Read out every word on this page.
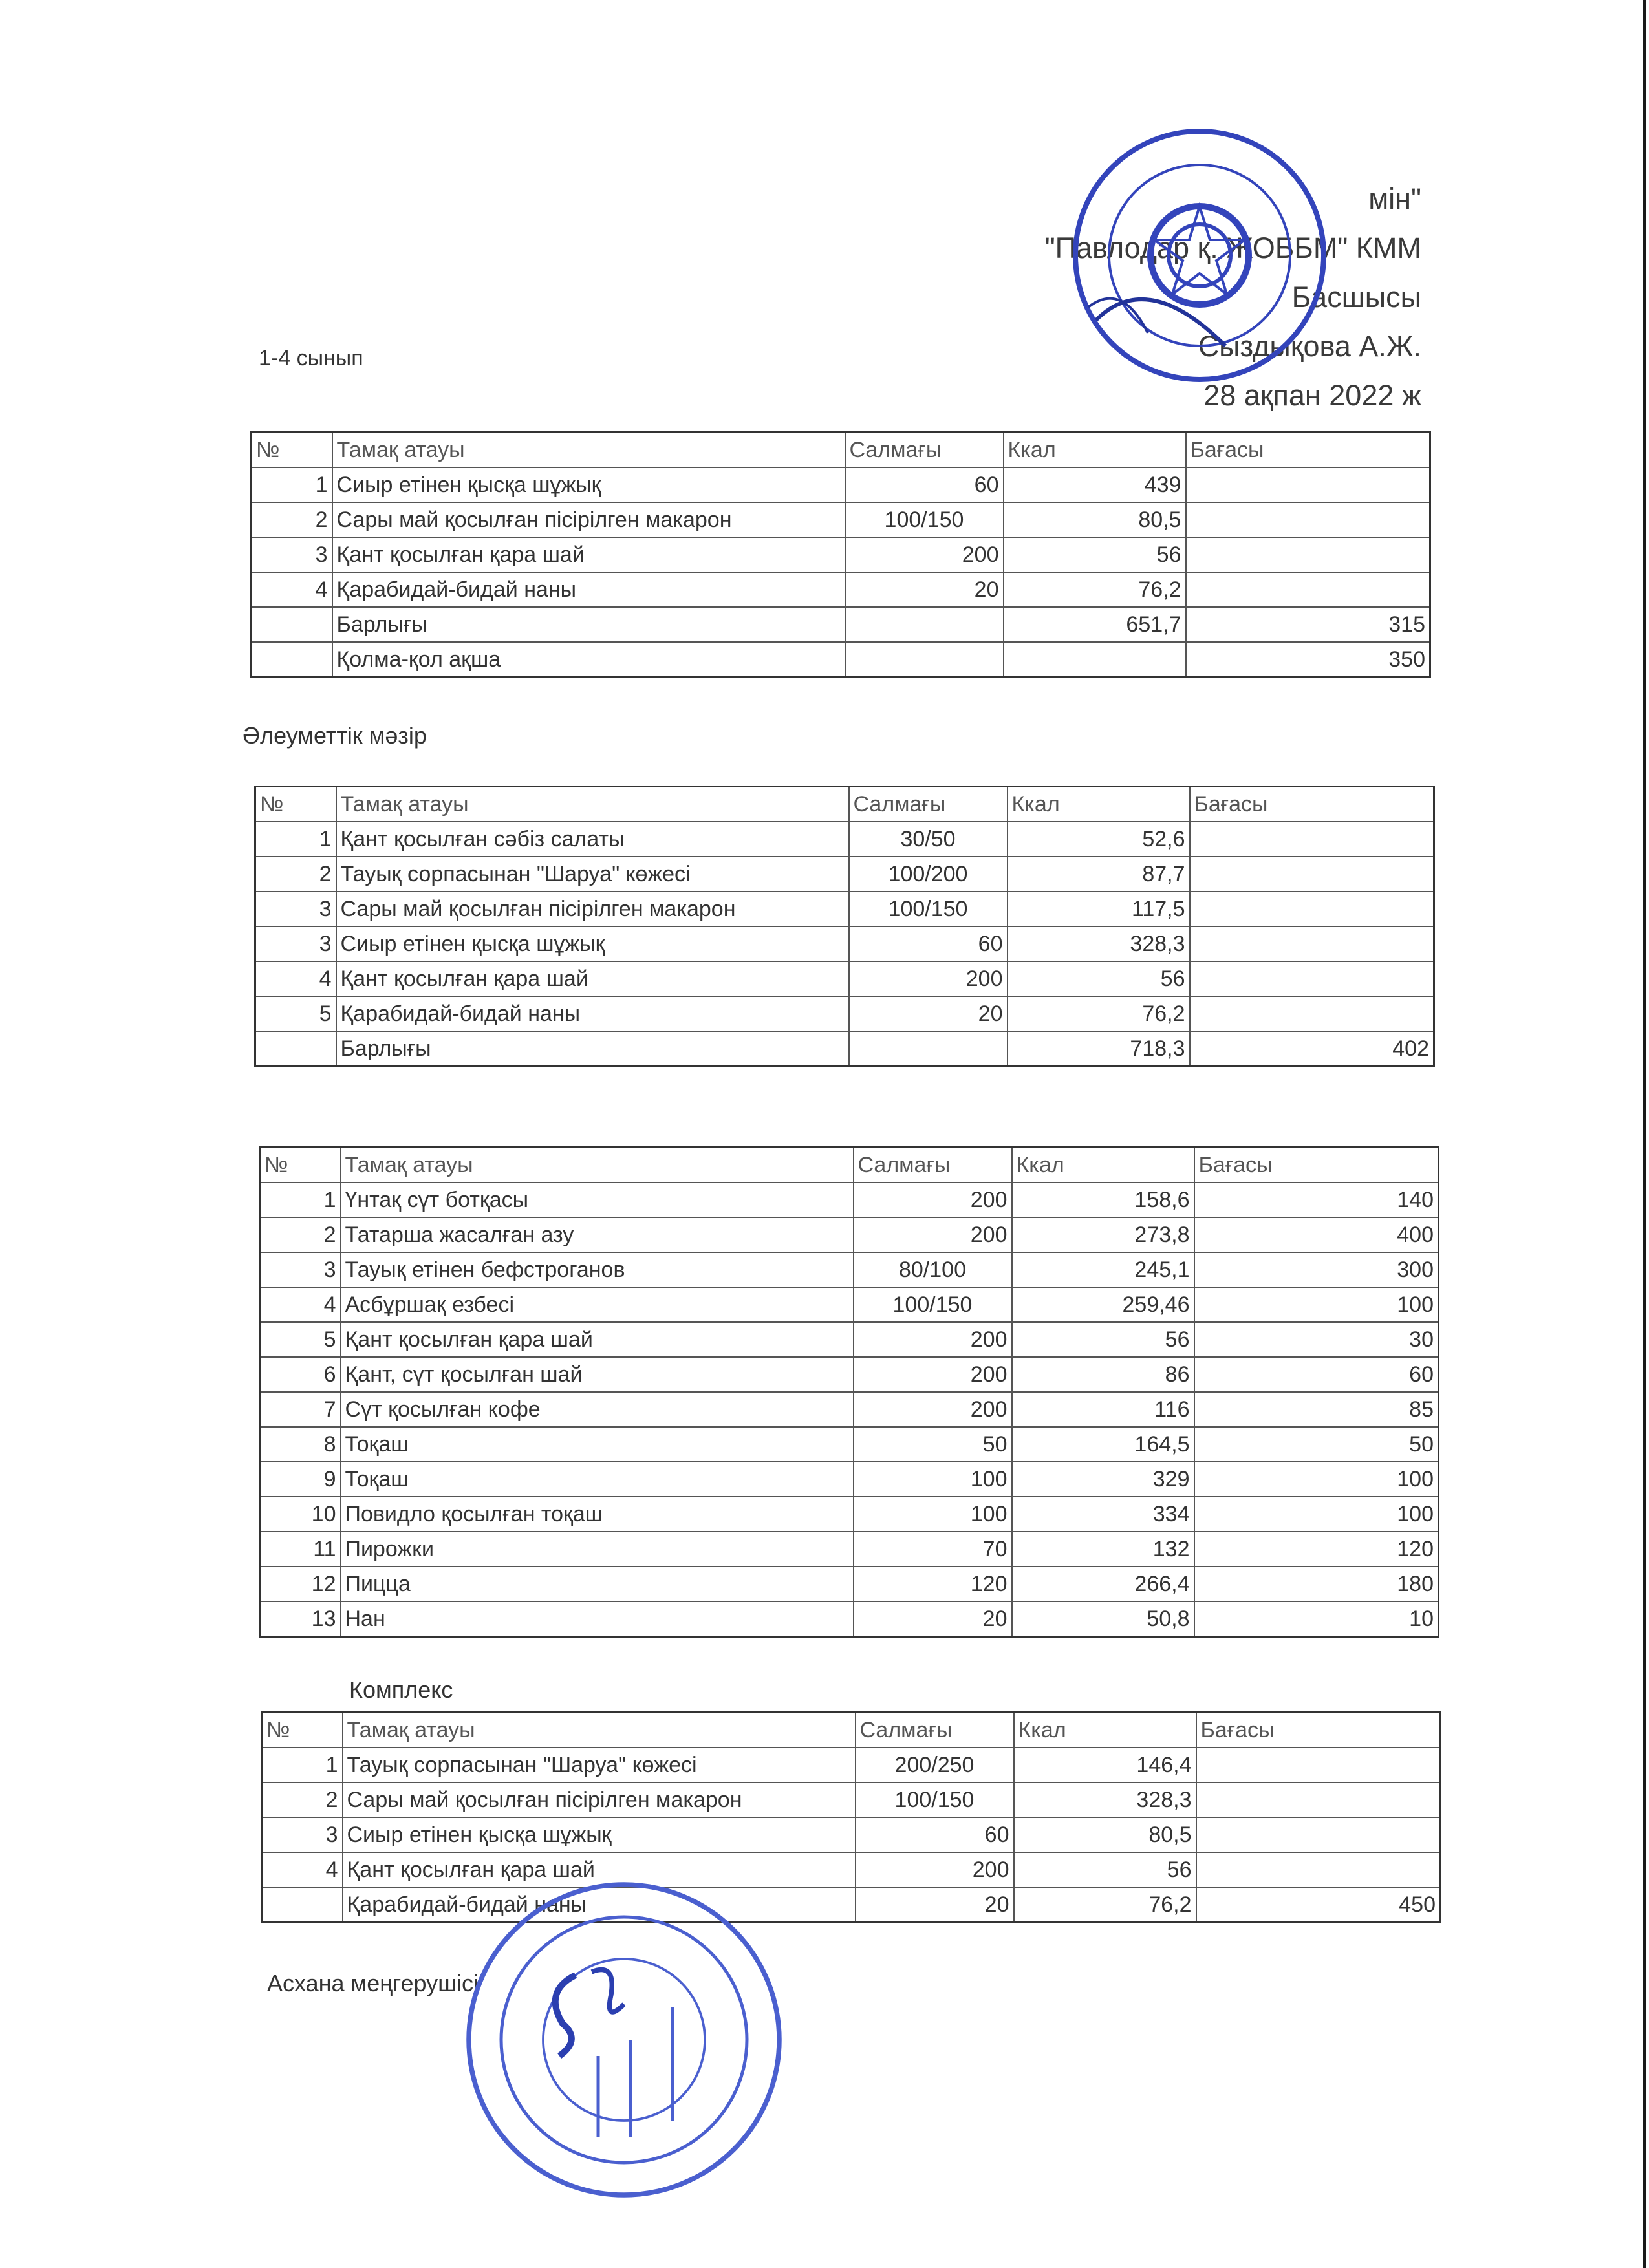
мін"
"Павлодар қ. ЖОББМ" КММ
Басшысы
Сыздықова А.Ж.
28 ақпан 2022 ж
1-4 сынып
№	Тамақ атауы	Салмағы	Ккал	Бағасы
1	Сиыр етінен қысқа шұжық	60	439	
2	Сары май қосылған пісірілген макарон	100/150	80,5	
3	Қант қосылған қара шай	200	56	
4	Қарабидай-бидай наны	20	76,2	
	Барлығы		651,7	315
	Қолма-қол ақша			350
Әлеуметтік мәзір
№	Тамақ атауы	Салмағы	Ккал	Бағасы
1	Қант қосылған сәбіз салаты	30/50	52,6	
2	Тауық сорпасынан "Шаруа" көжесі	100/200	87,7	
3	Сары май қосылған пісірілген макарон	100/150	117,5	
3	Сиыр етінен қысқа шұжық	60	328,3	
4	Қант қосылған қара шай	200	56	
5	Қарабидай-бидай наны	20	76,2	
	Барлығы		718,3	402
№	Тамақ атауы	Салмағы	Ккал	Бағасы
1	Үнтақ сүт ботқасы	200	158,6	140
2	Татарша жасалған азу	200	273,8	400
3	Тауық етінен бефстроганов	80/100	245,1	300
4	Асбұршақ езбесі	100/150	259,46	100
5	Қант қосылған қара шай	200	56	30
6	Қант, сүт қосылған шай	200	86	60
7	Сүт қосылған кофе	200	116	85
8	Тоқаш	50	164,5	50
9	Тоқаш	100	329	100
10	Повидло қосылған тоқаш	100	334	100
11	Пирожки	70	132	120
12	Пицца	120	266,4	180
13	Нан	20	50,8	10
Комплекс
№	Тамақ атауы	Салмағы	Ккал	Бағасы
1	Тауық сорпасынан "Шаруа" көжесі	200/250	146,4	
2	Сары май қосылған пісірілген макарон	100/150	328,3	
3	Сиыр етінен қысқа шұжық	60	80,5	
4	Қант қосылған қара шай	200	56	
	Қарабидай-бидай наны	20	76,2	450
Асхана меңгерушісі
